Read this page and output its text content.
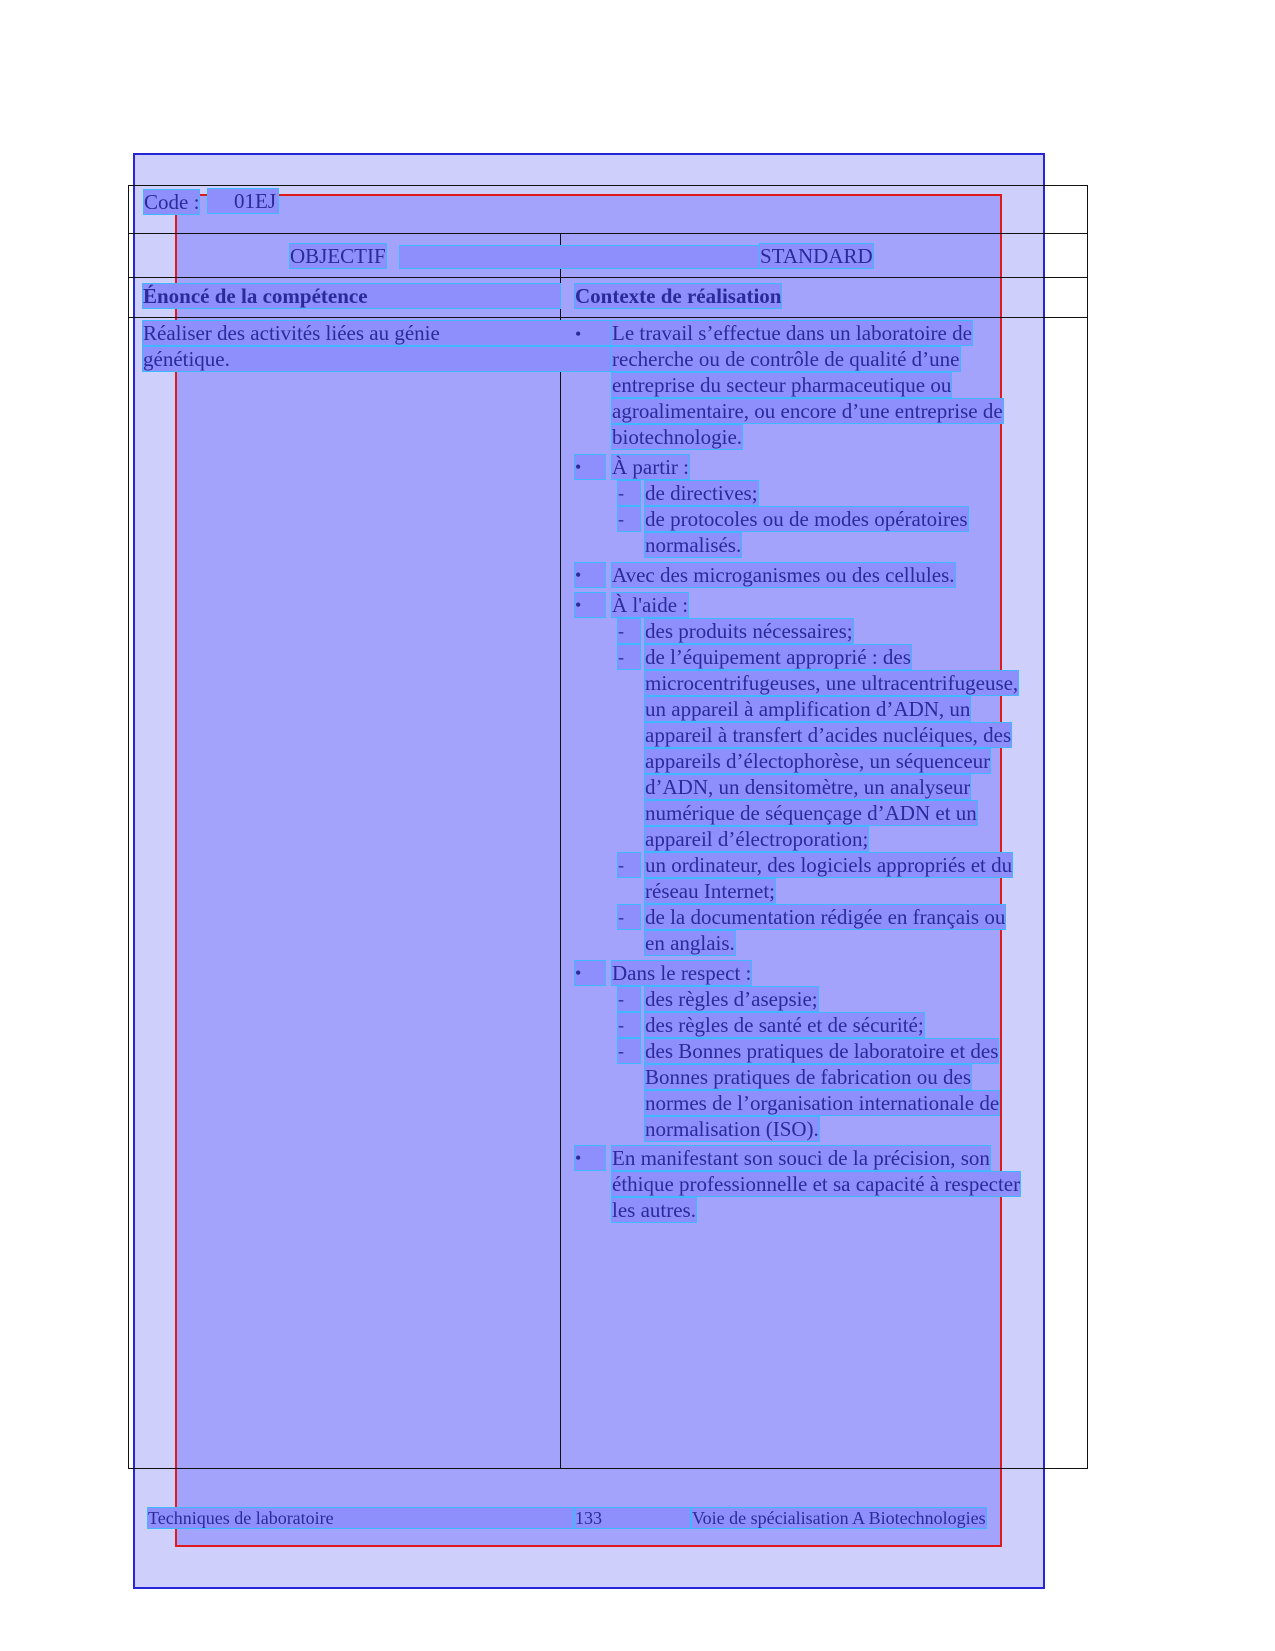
Code :	01EJ
OBJECTIF	STANDARD
Énoncé de la compétence	Contexte de réalisation
Réaliser des activités liées au génie
génétique.
• Le travail s’effectue dans un laboratoire de
recherche ou de contrôle de qualité d’une
entreprise du secteur pharmaceutique ou
agroalimentaire, ou encore d’une entreprise de
biotechnologie.
•	À partir :
-	de directives;
-	de protocoles ou de modes opératoires
normalisés.
•	Avec des microganismes ou des cellules.
•	À l'aide :
-	des produits nécessaires;
-	de l’équipement approprié : des
microcentrifugeuses, une ultracentrifugeuse,
un appareil à amplification d’ADN, un
appareil à transfert d’acides nucléiques, des
appareils d’électophorèse, un séquenceur
d’ADN, un densitomètre, un analyseur
numérique de séquençage d’ADN et un
appareil d’électroporation;
-	un ordinateur, des logiciels appropriés et du
réseau Internet;
-	de la documentation rédigée en français ou
en anglais.
•	Dans le respect :
-	des règles d’asepsie;
-	des règles de santé et de sécurité;
-	des Bonnes pratiques de laboratoire et des
Bonnes pratiques de fabrication ou des
normes de l’organisation internationale de
normalisation (ISO).
•	En manifestant son souci de la précision, son
éthique professionnelle et sa capacité à respecter
les autres.
Techniques de laboratoire	133	Voie de spécialisation A Biotechnologies
